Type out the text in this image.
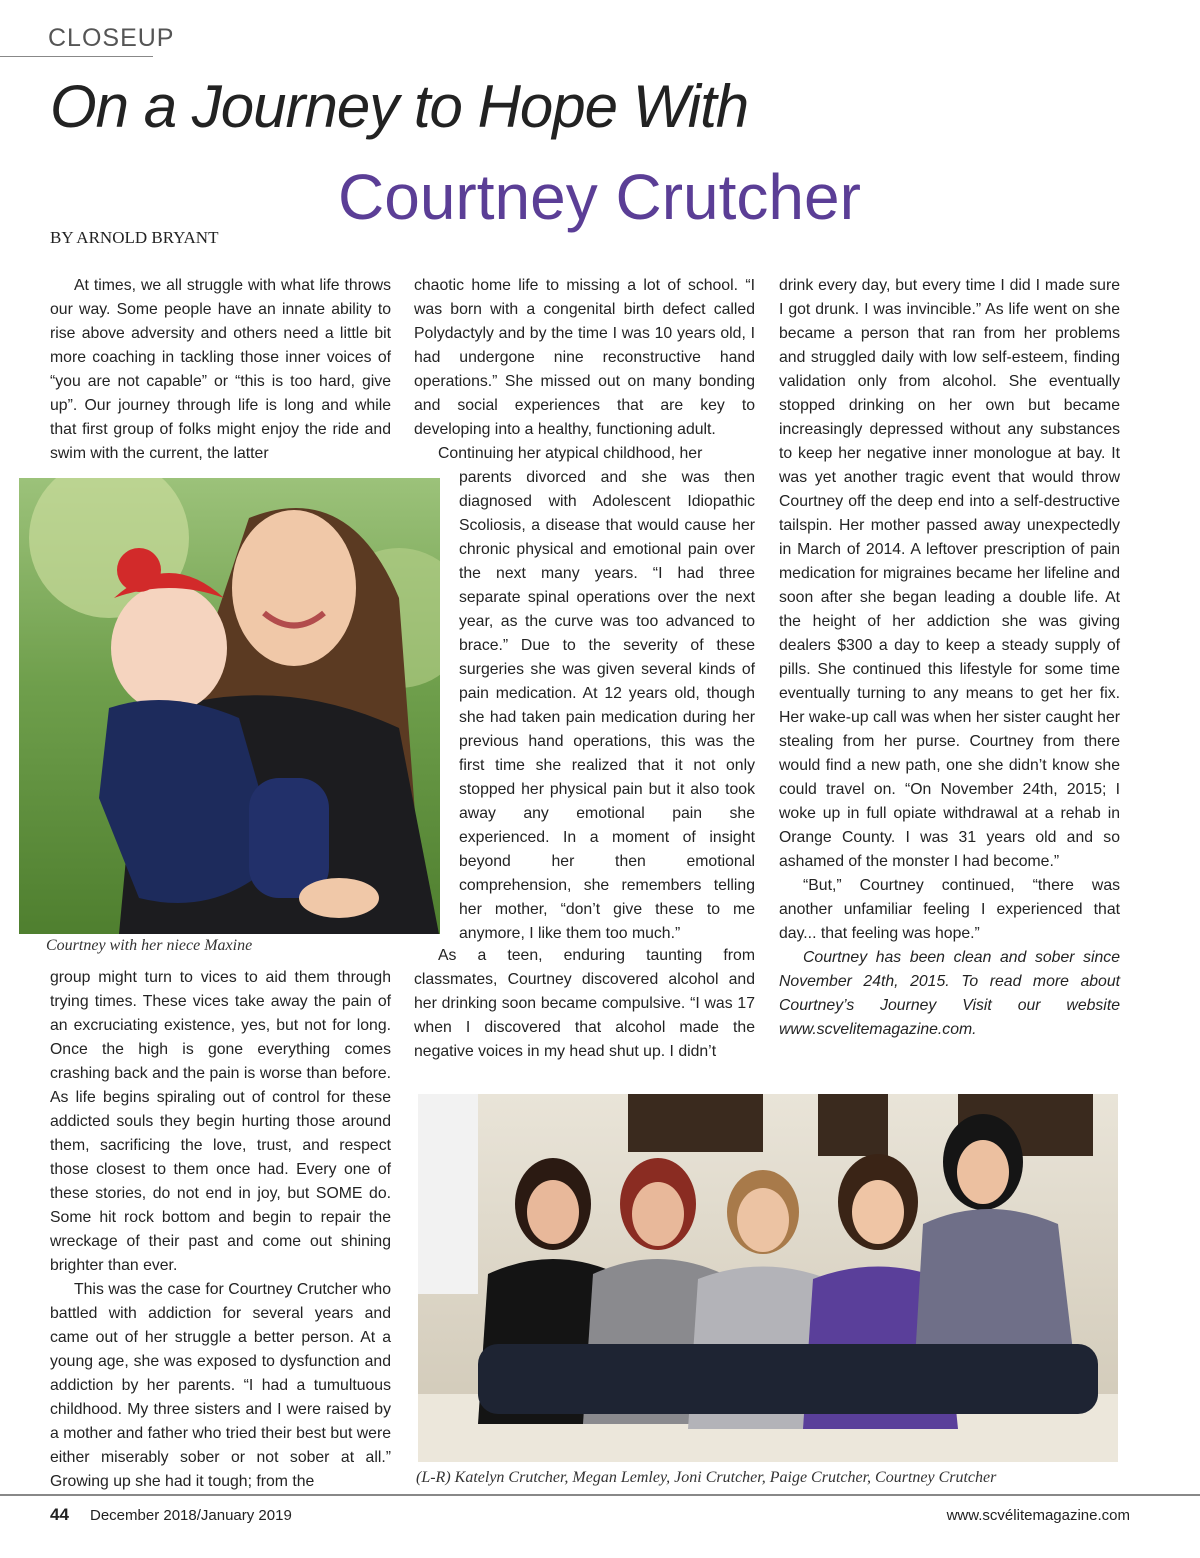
CLOSEUP
On a Journey to Hope With
Courtney Crutcher
BY ARNOLD BRYANT

At times, we all struggle with what life throws our way. Some people have an innate ability to rise above adversity and others need a little bit more coaching in tackling those inner voices of “you are not capable” or “this is too hard, give up”. Our journey through life is long and while that first group of folks might enjoy the ride and swim with the current, the latter

Courtney with her niece Maxine

group might turn to vices to aid them through trying times. These vices take away the pain of an excruciating existence, yes, but not for long. Once the high is gone everything comes crashing back and the pain is worse than before. As life begins spiraling out of control for these addicted souls they begin hurting those around them, sacrificing the love, trust, and respect those closest to them once had. Every one of these stories, do not end in joy, but SOME do. Some hit rock bottom and begin to repair the wreckage of their past and come out shining brighter than ever.

This was the case for Courtney Crutcher who battled with addiction for several years and came out of her struggle a better person. At a young age, she was exposed to dysfunction and addiction by her parents. “I had a tumultuous childhood. My three sisters and I were raised by a mother and father who tried their best but were either miserably sober or not sober at all.” Growing up she had it tough; from the

chaotic home life to missing a lot of school. “I was born with a congenital birth defect called Polydactyly and by the time I was 10 years old, I had undergone nine reconstructive hand operations.” She missed out on many bonding and social experiences that are key to developing into a healthy, functioning adult.

Continuing her atypical childhood, her

parents divorced and she was then diagnosed with Adolescent Idiopathic Scoliosis, a disease that would cause her chronic physical and emotional pain over the next many years. “I had three separate spinal operations over the next year, as the curve was too advanced to brace.” Due to the severity of these surgeries she was given several kinds of pain medication. At 12 years old, though she had taken pain medication during her previous hand operations, this was the first time she realized that it not only stopped her physical pain but it also took away any emotional pain she experienced. In a moment of insight beyond her then emotional comprehension, she remembers telling her mother, “don’t give these to me anymore, I like them too much.”

As a teen, enduring taunting from classmates, Courtney discovered alcohol and her drinking soon became compulsive. “I was 17 when I discovered that alcohol made the negative voices in my head shut up. I didn’t

drink every day, but every time I did I made sure I got drunk. I was invincible.” As life went on she became a person that ran from her problems and struggled daily with low self-esteem, finding validation only from alcohol. She eventually stopped drinking on her own but became increasingly depressed without any substances to keep her negative inner monologue at bay. It was yet another tragic event that would throw Courtney off the deep end into a self-destructive tailspin. Her mother passed away unexpectedly in March of 2014. A leftover prescription of pain medication for migraines became her lifeline and soon after she began leading a double life. At the height of her addiction she was giving dealers $300 a day to keep a steady supply of pills. She continued this lifestyle for some time eventually turning to any means to get her fix. Her wake-up call was when her sister caught her stealing from her purse. Courtney from there would find a new path, one she didn’t know she could travel on. “On November 24th, 2015; I woke up in full opiate withdrawal at a rehab in Orange County. I was 31 years old and so ashamed of the monster I had become.”

“But,” Courtney continued, “there was another unfamiliar feeling I experienced that day... that feeling was hope.”

Courtney has been clean and sober since November 24th, 2015. To read more about Courtney’s Journey Visit our website www.scvelitemagazine.com.

(L-R) Katelyn Crutcher, Megan Lemley, Joni Crutcher, Paige Crutcher, Courtney Crutcher
44 December 2018/January 2019	www.scvélitemagazine.com
